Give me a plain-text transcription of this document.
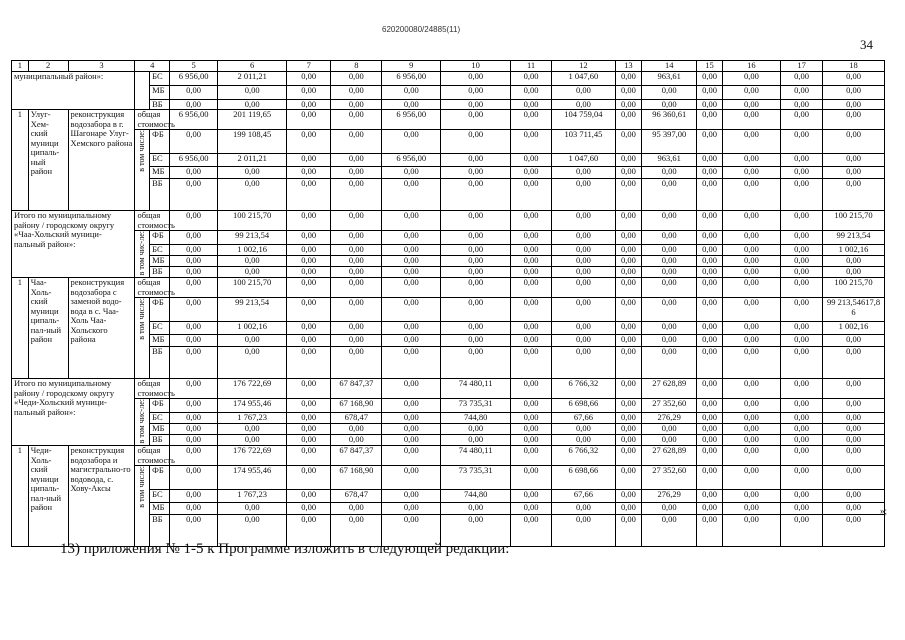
620200080/24885(11)
34
1	2	3	4		5	6	7	8	9	10	11	12	13	14	15	16	17	18
муниципальный район»:				БС	6 956,00	2 011,21	0,00	0,00	6 956,00	0,00	0,00	1 047,60	0,00	963,61	0,00	0,00	0,00	0,00
				МБ	0,00	0,00	0,00	0,00	0,00	0,00	0,00	0,00	0,00	0,00	0,00	0,00	0,00	0,00
				ВБ	0,00	0,00	0,00	0,00	0,00	0,00	0,00	0,00	0,00	0,00	0,00	0,00	0,00	0,00
1	Улуг-Хем-ский муници ципаль-ный район	реконструкция водозабора в г. Шагонаре Улуг-Хемского района	общая стоимость		6 956,00	201 119,65	0,00	0,00	6 956,00	0,00	0,00	104 759,04	0,00	96 360,61	0,00	0,00	0,00	0,00

			в том числе:	ФБ	0,00	199 108,45	0,00	0,00	0,00	0,00	0,00	103 711,45	0,00	95 397,00	0,00	0,00	0,00	0,00
				БС	6 956,00	2 011,21	0,00	0,00	6 956,00	0,00	0,00	1 047,60	0,00	963,61	0,00	0,00	0,00	0,00
				МБ	0,00	0,00	0,00	0,00	0,00	0,00	0,00	0,00	0,00	0,00	0,00	0,00	0,00	0,00
				ВБ	0,00	0,00	0,00	0,00	0,00	0,00	0,00	0,00	0,00	0,00	0,00	0,00	0,00	0,00
Итого по муниципальному району / городскому округу «Чаа-Хольский муници-пальный район»:			общая стоимость		0,00	100 215,70	0,00	0,00	0,00	0,00	0,00	0,00	0,00	0,00	0,00	0,00	0,00	100 215,70

			в том чис-ле:	ФБ	0,00	99 213,54	0,00	0,00	0,00	0,00	0,00	0,00	0,00	0,00	0,00	0,00	0,00	99 213,54
				БС	0,00	1 002,16	0,00	0,00	0,00	0,00	0,00	0,00	0,00	0,00	0,00	0,00	0,00	1 002,16
				МБ	0,00	0,00	0,00	0,00	0,00	0,00	0,00	0,00	0,00	0,00	0,00	0,00	0,00	0,00
				ВБ	0,00	0,00	0,00	0,00	0,00	0,00	0,00	0,00	0,00	0,00	0,00	0,00	0,00	0,00
1	Чаа-Холь-ский муници ципаль-пал-ный район	реконструкция водозабора с заменой водо-вода в с. Чаа-Холь Чаа-Хольского района	общая стоимость		0,00	100 215,70	0,00	0,00	0,00	0,00	0,00	0,00	0,00	0,00	0,00	0,00	0,00	100 215,70

			в том числе:	ФБ	0,00	99 213,54	0,00	0,00	0,00	0,00	0,00	0,00	0,00	0,00	0,00	0,00	0,00	99 213,54617,8 6
				БС	0,00	1 002,16	0,00	0,00	0,00	0,00	0,00	0,00	0,00	0,00	0,00	0,00	0,00	1 002,16
				МБ	0,00	0,00	0,00	0,00	0,00	0,00	0,00	0,00	0,00	0,00	0,00	0,00	0,00	0,00
				ВБ	0,00	0,00	0,00	0,00	0,00	0,00	0,00	0,00	0,00	0,00	0,00	0,00	0,00	0,00
Итого по муниципальному району / городскому округу «Чеди-Хольский муници-пальный район»:			общая стоимость		0,00	176 722,69	0,00	67 847,37	0,00	74 480,11	0,00	6 766,32	0,00	27 628,89	0,00	0,00	0,00	0,00

			в том чис-ле:	ФБ	0,00	174 955,46	0,00	67 168,90	0,00	73 735,31	0,00	6 698,66	0,00	27 352,60	0,00	0,00	0,00	0,00
				БС	0,00	1 767,23	0,00	678,47	0,00	744,80	0,00	67,66	0,00	276,29	0,00	0,00	0,00	0,00
				МБ	0,00	0,00	0,00	0,00	0,00	0,00	0,00	0,00	0,00	0,00	0,00	0,00	0,00	0,00
				ВБ	0,00	0,00	0,00	0,00	0,00	0,00	0,00	0,00	0,00	0,00	0,00	0,00	0,00	0,00
1	Чеди-Холь-ский муници ципаль-пал-ный район	реконструкция водозабора и магистрально-го водовода, с. Хову-Аксы	общая стоимость		0,00	176 722,69	0,00	67 847,37	0,00	74 480,11	0,00	6 766,32	0,00	27 628,89	0,00	0,00	0,00	0,00

			в том числе:	ФБ	0,00	174 955,46	0,00	67 168,90	0,00	73 735,31	0,00	6 698,66	0,00	27 352,60	0,00	0,00	0,00	0,00
				БС	0,00	1 767,23	0,00	678,47	0,00	744,80	0,00	67,66	0,00	276,29	0,00	0,00	0,00	0,00
				МБ	0,00	0,00	0,00	0,00	0,00	0,00	0,00	0,00	0,00	0,00	0,00	0,00	0,00	0,00
				ВБ	0,00	0,00	0,00	0,00	0,00	0,00	0,00	0,00	0,00	0,00	0,00	0,00	0,00	0,00
»;
13) приложения № 1-5 к Программе изложить в следующей редакции:
